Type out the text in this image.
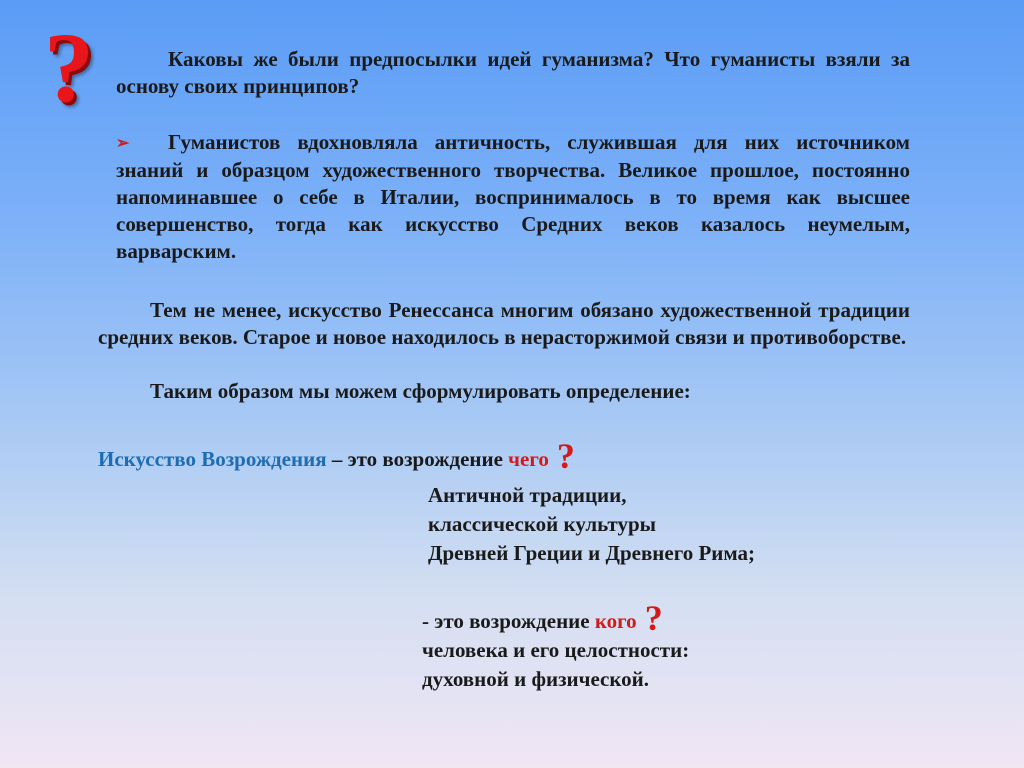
?	Каковы же были предпосылки идей гуманизма? Что гуманисты взяли за основу своих принципов?
➢ Гуманистов вдохновляла античность, служившая для них источником знаний и образцом художественного творчества. Великое прошлое, постоянно напоминавшее о себе в Италии, воспринималось в то время как высшее совершенство, тогда как искусство Средних веков казалось неумелым, варварским.
Тем не менее, искусство Ренессанса многим обязано художественной традиции средних веков. Старое и новое находилось в нерасторжимой связи и противоборстве.
Таким образом мы можем сформулировать определение:
Искусство Возрождения – это возрождение чего ?
Античной традиции,
классической культуры
Древней Греции и Древнего Рима;
- это возрождение кого ?
человека и его целостности:
духовной и физической.
